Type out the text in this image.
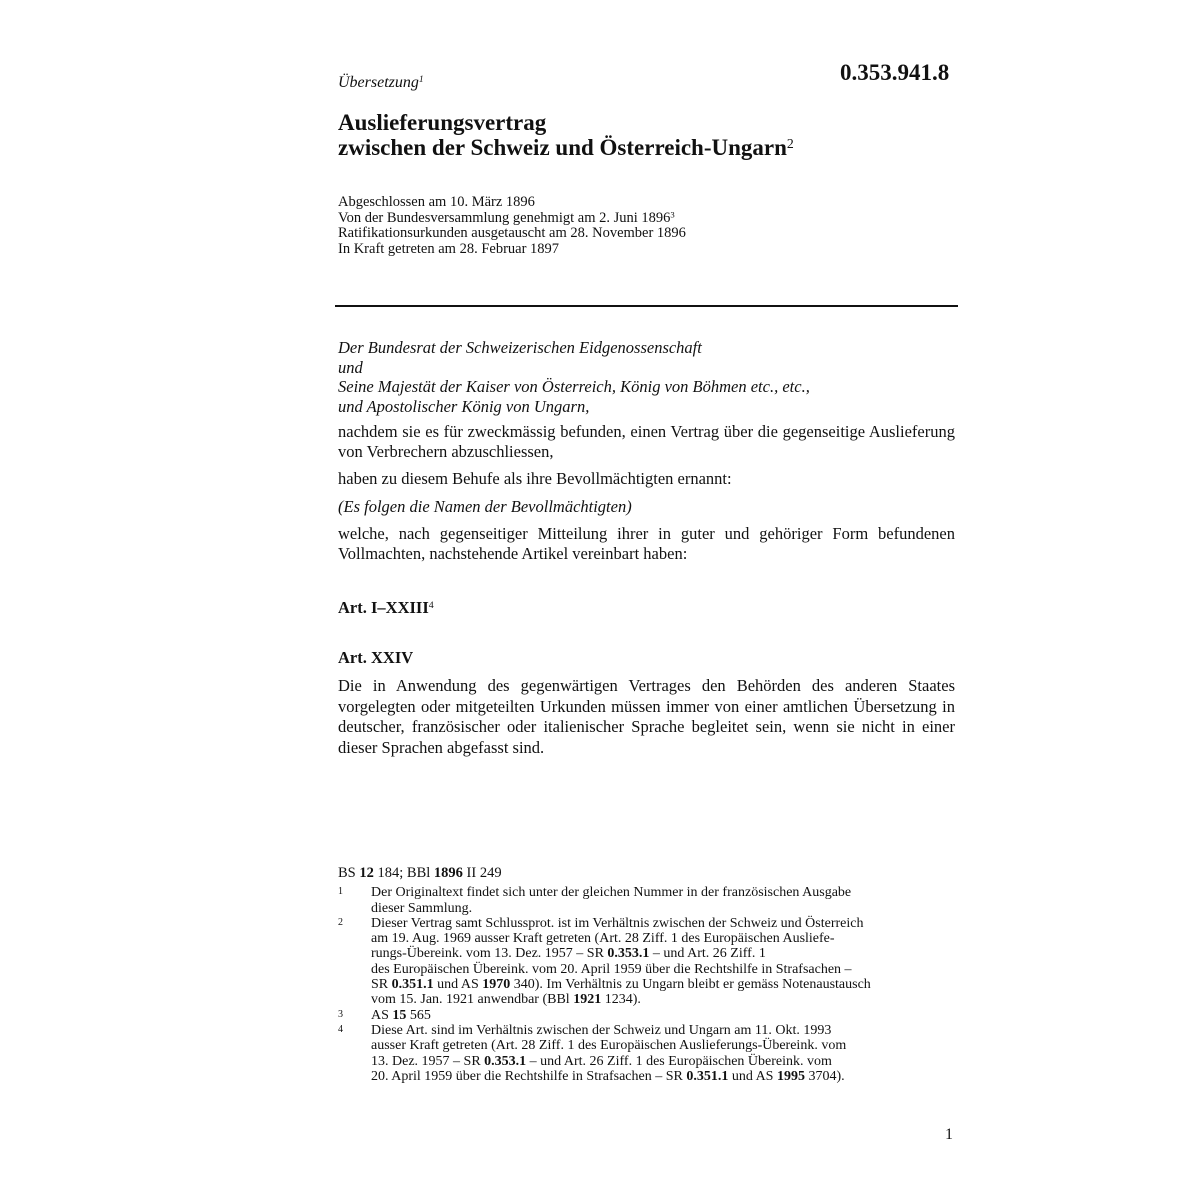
Übersetzung$^1$	0.353.941.8
Auslieferungsvertrag
zwischen der Schweiz und Österreich-Ungarn$^2$
Abgeschlossen am 10. März 1896
Von der Bundesversammlung genehmigt am 2. Juni 1896$^3$
Ratifikationsurkunden ausgetauscht am 28. November 1896
In Kraft getreten am 28. Februar 1897
Der Bundesrat der Schweizerischen Eidgenossenschaft
und
Seine Majestät der Kaiser von Österreich, König von Böhmen etc., etc.,
und Apostolischer König von Ungarn,

nachdem sie es für zweckmässig befunden, einen Vertrag über die gegenseitige Auslieferung von Verbrechern abzuschliessen,

haben zu diesem Behufe als ihre Bevollmächtigten ernannt:

(Es folgen die Namen der Bevollmächtigten)

welche, nach gegenseitiger Mitteilung ihrer in guter und gehöriger Form befundenen Vollmachten, nachstehende Artikel vereinbart haben:

Art. I–XXIII$^4$
Art. XXIV
Die in Anwendung des gegenwärtigen Vertrages den Behörden des anderen Staates vorgelegten oder mitgeteilten Urkunden müssen immer von einer amtlichen Übersetzung in deutscher, französischer oder italienischer Sprache begleitet sein, wenn sie nicht in einer dieser Sprachen abgefasst sind.
BS 12 184; BBl 1896 II 249
1	Der Originaltext findet sich unter der gleichen Nummer in der französischen Ausgabe
dieser Sammlung.
2	Dieser Vertrag samt Schlussprot. ist im Verhältnis zwischen der Schweiz und Österreich
am 19. Aug. 1969 ausser Kraft getreten (Art. 28 Ziff. 1 des Europäischen Ausliefe-
rungs-Übereink. vom 13. Dez. 1957 – SR 0.353.1 – und Art. 26 Ziff. 1
des Europäischen Übereink. vom 20. April 1959 über die Rechtshilfe in Strafsachen –
SR 0.351.1 und AS 1970 340). Im Verhältnis zu Ungarn bleibt er gemäss Notenaustausch
vom 15. Jan. 1921 anwendbar (BBl 1921 1234).
3	AS 15 565
4	Diese Art. sind im Verhältnis zwischen der Schweiz und Ungarn am 11. Okt. 1993
ausser Kraft getreten (Art. 28 Ziff. 1 des Europäischen Auslieferungs-Übereink. vom
13. Dez. 1957 – SR 0.353.1 – und Art. 26 Ziff. 1 des Europäischen Übereink. vom
20. April 1959 über die Rechtshilfe in Strafsachen – SR 0.351.1 und AS 1995 3704).
1
